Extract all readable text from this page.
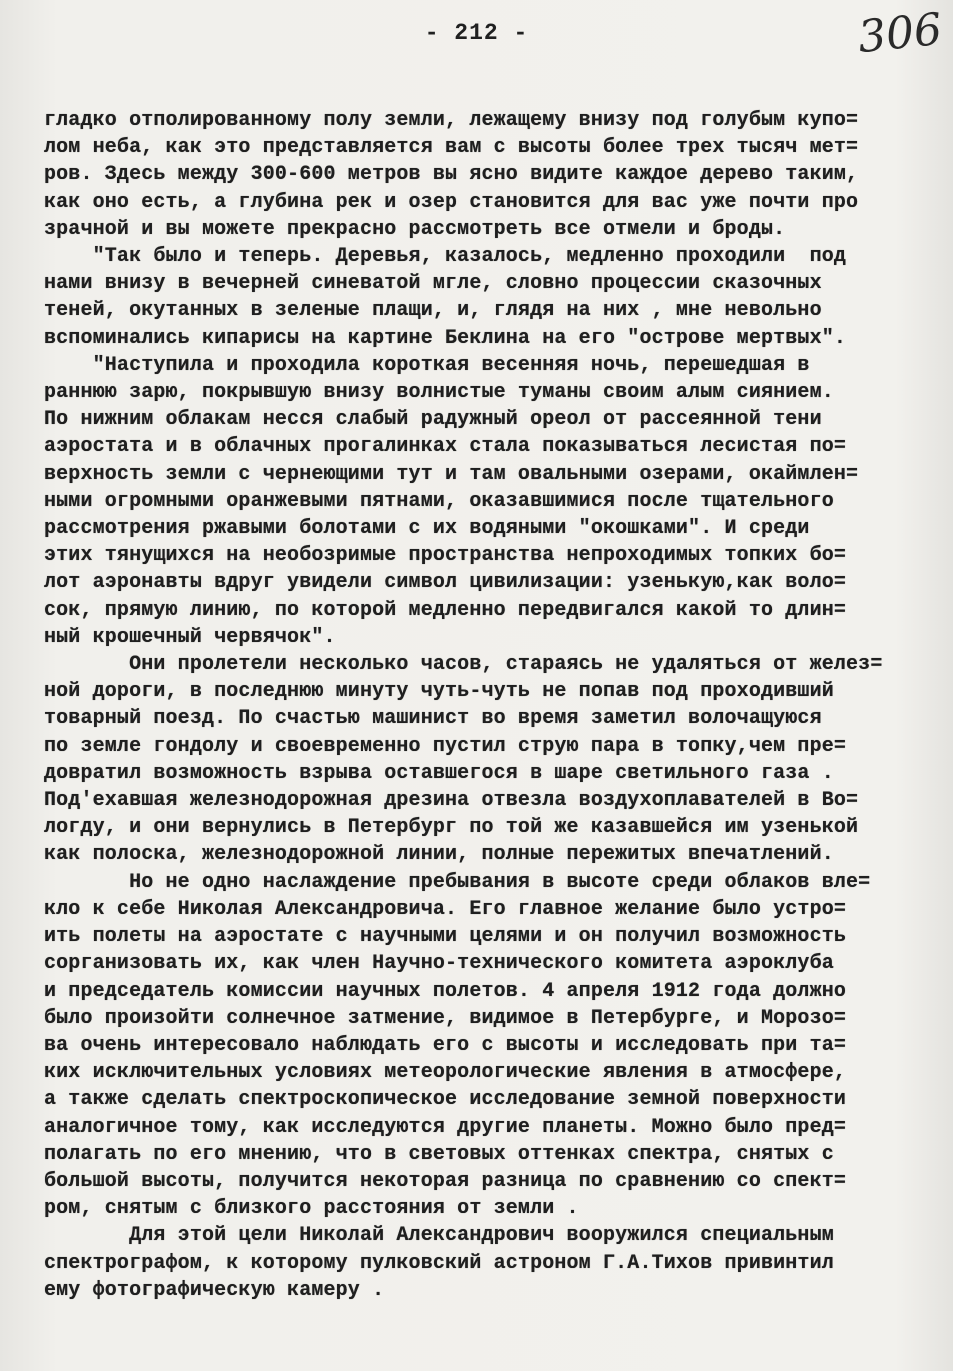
- 212 -	306
гладко отполированному полу земли, лежащему внизу под голубым купо=
лом неба, как это представляется вам с высоты более трех тысяч мет=
ров. Здесь между 300-600 метров вы ясно видите каждое дерево таким,
как оно есть, а глубина рек и озер становится для вас уже почти про
зрачной и вы можете прекрасно рассмотреть все отмели и броды.
"Так было и теперь. Деревья, казалось, медленно проходили  под
нами внизу в вечерней синеватой мгле, словно процессии сказочных
теней, окутанных в зеленые плащи, и, глядя на них , мне невольно
вспоминались кипарисы на картине Беклина на его "острове мертвых".
"Наступила и проходила короткая весенняя ночь, перешедшая в
раннюю зарю, покрывшую внизу волнистые туманы своим алым сиянием.
По нижним облакам несся слабый радужный ореол от рассеянной тени
аэростата и в облачных прогалинках стала показываться лесистая по=
верхность земли с чернеющими тут и там овальными озерами, окаймлен=
ными огромными оранжевыми пятнами, оказавшимися после тщательного
рассмотрения ржавыми болотами с их водяными "окошками". И среди
этих тянущихся на необозримые пространства непроходимых топких бо=
лот аэронавты вдруг увидели символ цивилизации: узенькую,как воло=
сок, прямую линию, по которой медленно передвигался какой то длин=
ный крошечный червячок".
Они пролетели несколько часов, стараясь не удаляться от желез=
ной дороги, в последнюю минуту чуть-чуть не попав под проходивший
товарный поезд. По счастью машинист во время заметил волочащуюся
по земле гондолу и своевременно пустил струю пара в топку,чем пре=
довратил возможность взрыва оставшегося в шаре светильного газа .
Под'ехавшая железнодорожная дрезина отвезла воздухоплавателей в Во=
логду, и они вернулись в Петербург по той же казавшейся им узенькой
как полоска, железнодорожной линии, полные пережитых впечатлений.
Но не одно наслаждение пребывания в высоте среди облаков вле=
кло к себе Николая Александровича. Его главное желание было устро=
ить полеты на аэростате с научными целями и он получил возможность
сорганизовать их, как член Научно-технического комитета аэроклуба
и председатель комиссии научных полетов. 4 апреля 1912 года должно
было произойти солнечное затмение, видимое в Петербурге, и Морозо=
ва очень интересовало наблюдать его с высоты и исследовать при та=
ких исключительных условиях метеорологические явления в атмосфере,
а также сделать спектроскопическое исследование земной поверхности
аналогичное тому, как исследуются другие планеты. Можно было пред=
полагать по его мнению, что в световых оттенках спектра, снятых с
большой высоты, получится некоторая разница по сравнению со спект=
ром, снятым с близкого расстояния от земли .
Для этой цели Николай Александрович вооружился специальным
спектрографом, к которому пулковский астроном Г.А.Тихов привинтил
ему фотографическую камеру .
